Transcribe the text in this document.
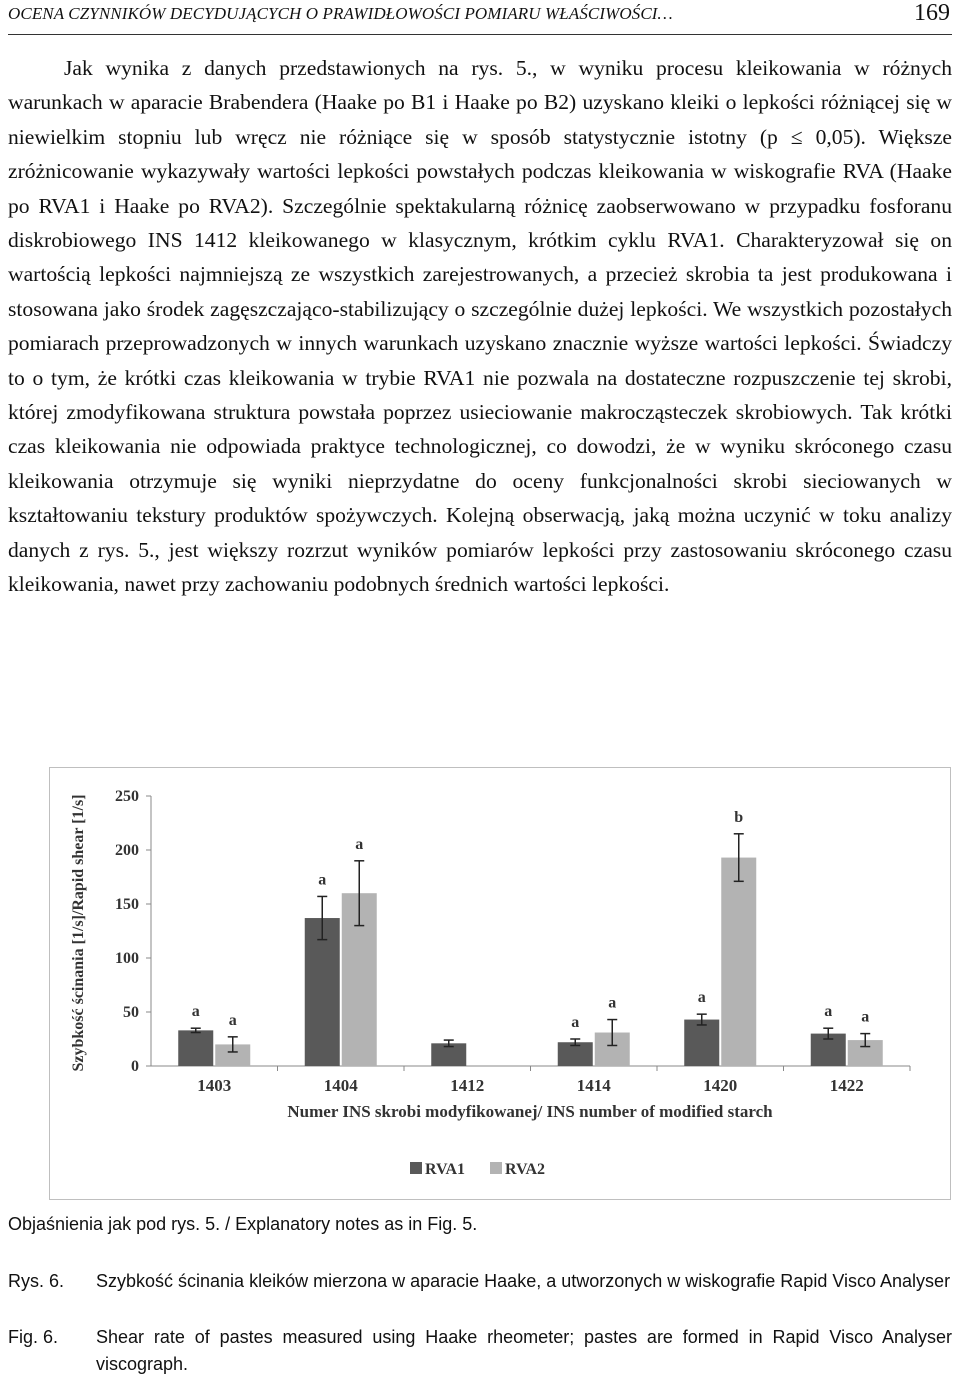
OCENA CZYNNIKÓW DECYDUJĄCYCH O PRAWIDŁOWOŚCI POMIARU WŁAŚCIWOŚCI…	169

Jak wynika z danych przedstawionych na rys. 5., w wyniku procesu kleikowania w różnych warunkach w aparacie Brabendera (Haake po B1 i Haake po B2) uzyskano kleiki o lepkości różniącej się w niewielkim stopniu lub wręcz nie różniące się w sposób statystycznie istotny (p ≤ 0,05). Większe zróżnicowanie wykazywały wartości lepkości powstałych podczas kleikowania w wiskografie RVA (Haake po RVA1 i Haake po RVA2). Szczególnie spektakularną różnicę zaobserwowano w przypadku fosforanu diskrobiowego INS 1412 kleikowanego w klasycznym, krótkim cyklu RVA1. Charakteryzował się on wartością lepkości najmniejszą ze wszystkich zarejestrowanych, a przecież skrobia ta jest produkowana i stosowana jako środek zagęszczająco-stabilizujący o szczególnie dużej lepkości. We wszystkich pozostałych pomiarach przeprowadzonych w innych warunkach uzyskano znacznie wyższe wartości lepkości. Świadczy to o tym, że krótki czas kleikowania w trybie RVA1 nie pozwala na dostateczne rozpuszczenie tej skrobi, której zmodyfikowana struktura powstała poprzez usieciowanie makrocząsteczek skrobiowych. Tak krótki czas kleikowania nie odpowiada praktyce technologicznej, co dowodzi, że w wyniku skróconego czasu kleikowania otrzymuje się wyniki nieprzydatne do oceny funkcjonalności skrobi sieciowanych w kształtowaniu tekstury produktów spożywczych. Kolejną obserwacją, jaką można uczynić w toku analizy danych z rys. 5., jest większy rozrzut wyników pomiarów lepkości przy zastosowaniu skróconego czasu kleikowania, nawet przy zachowaniu podobnych średnich wartości lepkości.

Szybkość ścinania [1/s]/Rapid shear [1/s]
Numer INS skrobi modyfikowanej/ INS number of modified starch
RVA1 RVA2
0
50
100
150
200
250
1403
a
a
1404
a
a
1412	1414
a
a
1420
a
b
1422
a a
Objaśnienia jak pod rys. 5. / Explanatory notes as in Fig. 5.
Rys. 6. Szybkość ścinania kleików mierzona w aparacie Haake, a utworzonych w wiskografie Rapid Visco Analyser
Fig. 6. Shear rate of pastes measured using Haake rheometer; pastes are formed in Rapid Visco Analyser viscograph.
